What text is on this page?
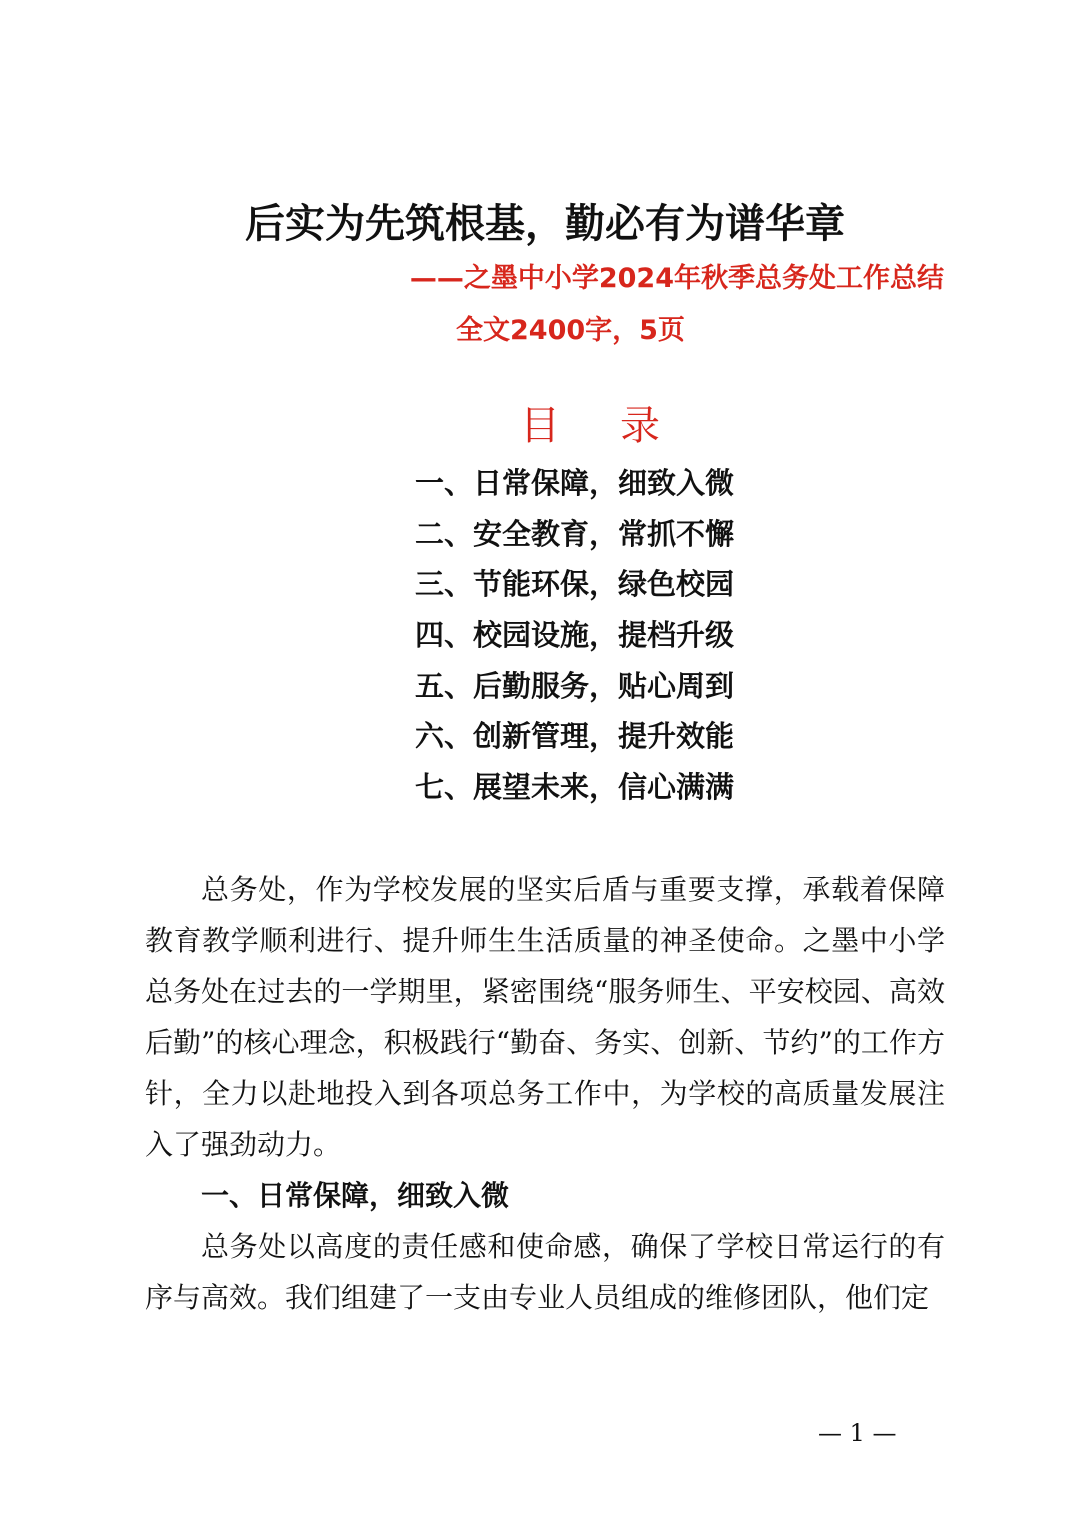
后实为先筑根基，勤必有为谱华章
——之墨中小学2024年秋季总务处工作总结
全文2400字，5页
目 录
一、日常保障，细致入微
二、安全教育，常抓不懈
三、节能环保，绿色校园
四、校园设施，提档升级
五、后勤服务，贴心周到
六、创新管理，提升效能
七、展望未来，信心满满

总务处，作为学校发展的坚实后盾与重要支撑，承载着保障教育教学顺利进行、提升师生生活质量的神圣使命。之墨中小学总务处在过去的一学期里，紧密围绕“服务师生、平安校园、高效后勤”的核心理念，积极践行“勤奋、务实、创新、节约”的工作方针，全力以赴地投入到各项总务工作中，为学校的高质量发展注入了强劲动力。

一、日常保障，细致入微

总务处以高度的责任感和使命感，确保了学校日常运行的有序与高效。我们组建了一支由专业人员组成的维修团队，他们定

— 1 —
